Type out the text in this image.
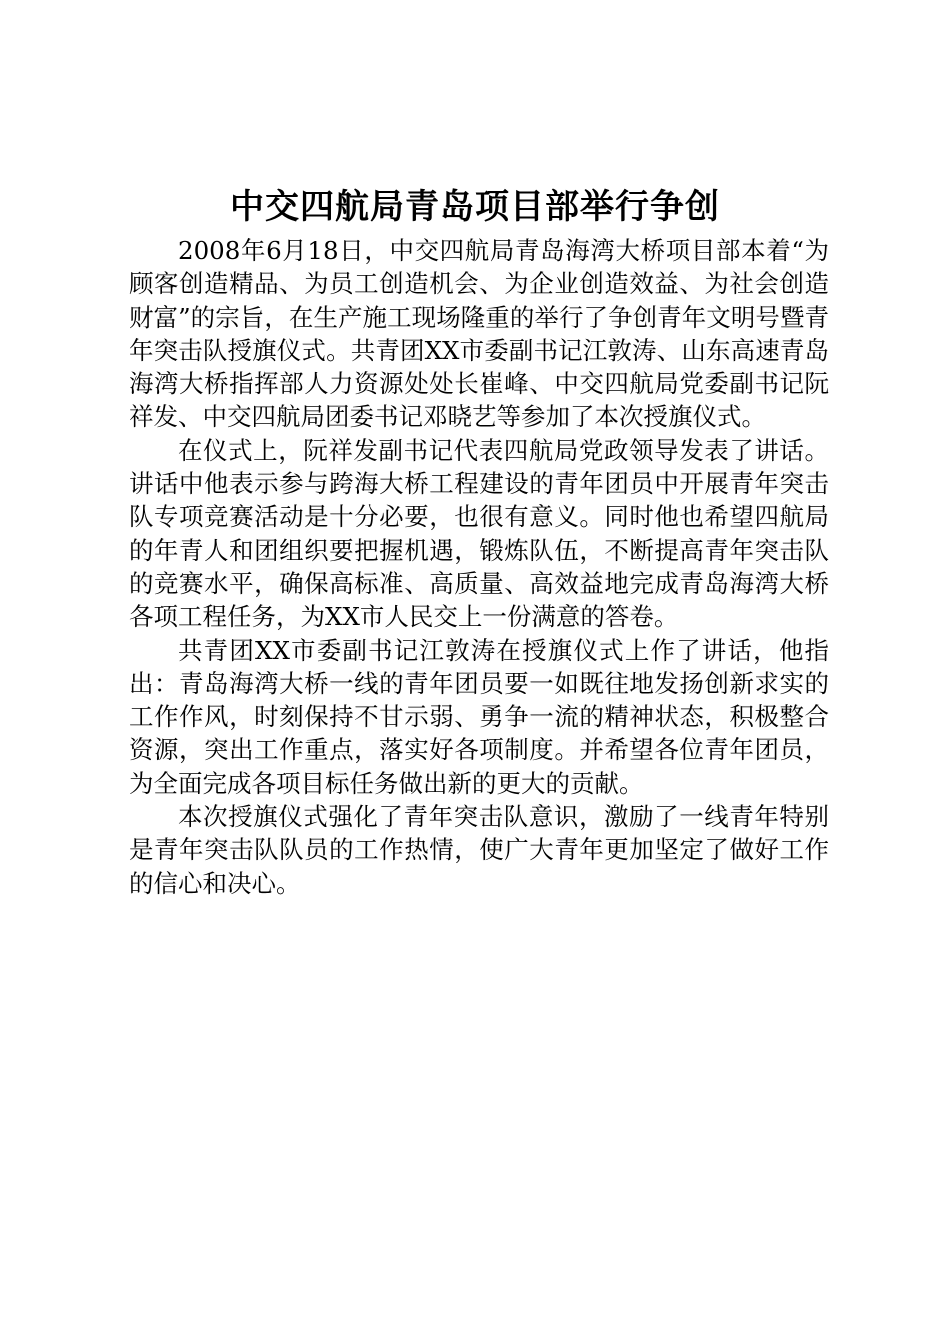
中交四航局青岛项目部举行争创

2008年6月18日，中交四航局青岛海湾大桥项目部本着“为顾客创造精品、为员工创造机会、为企业创造效益、为社会创造财富”的宗旨，在生产施工现场隆重的举行了争创青年文明号暨青年突击队授旗仪式。共青团XX市委副书记江敦涛、山东高速青岛海湾大桥指挥部人力资源处处长崔峰、中交四航局党委副书记阮祥发、中交四航局团委书记邓晓艺等参加了本次授旗仪式。

在仪式上，阮祥发副书记代表四航局党政领导发表了讲话。讲话中他表示参与跨海大桥工程建设的青年团员中开展青年突击队专项竞赛活动是十分必要，也很有意义。同时他也希望四航局的年青人和团组织要把握机遇，锻炼队伍，不断提高青年突击队的竞赛水平，确保高标准、高质量、高效益地完成青岛海湾大桥各项工程任务，为XX市人民交上一份满意的答卷。

共青团XX市委副书记江敦涛在授旗仪式上作了讲话，他指出：青岛海湾大桥一线的青年团员要一如既往地发扬创新求实的工作作风，时刻保持不甘示弱、勇争一流的精神状态，积极整合资源，突出工作重点，落实好各项制度。并希望各位青年团员，为全面完成各项目标任务做出新的更大的贡献。

本次授旗仪式强化了青年突击队意识，激励了一线青年特别是青年突击队队员的工作热情，使广大青年更加坚定了做好工作的信心和决心。
